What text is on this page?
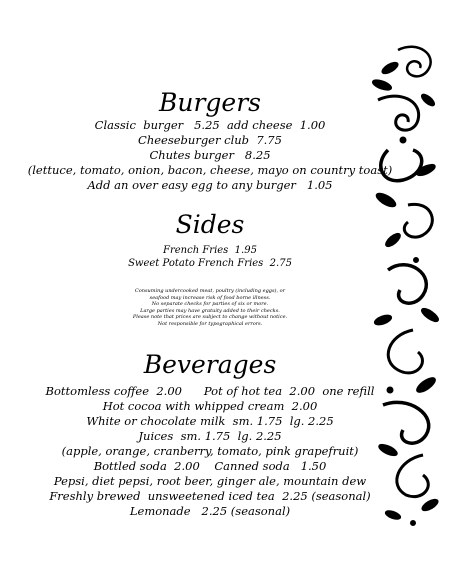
Burgers
Classic  burger   5.25  add cheese  1.00
Cheeseburger club  7.75
Chutes burger   8.25
(lettuce, tomato, onion, bacon, cheese, mayo on country toast)
Add an over easy egg to any burger   1.05
Sides
French Fries  1.95
Sweet Potato French Fries  2.75
Consuming undercooked meat, poultry (including eggs), or
seafood may increase risk of food borne illness.
No separate checks for parties of six or more.
Large parties may have gratuity added to their checks.
Please note that prices are subject to change without notice.
Not responsible for typographical errors.
Beverages
Bottomless coffee  2.00      Pot of hot tea  2.00  one refill
Hot cocoa with whipped cream  2.00
White or chocolate milk  sm. 1.75  lg. 2.25
Juices  sm. 1.75  lg. 2.25
(apple, orange, cranberry, tomato, pink grapefruit)
Bottled soda  2.00    Canned soda   1.50
Pepsi, diet pepsi, root beer, ginger ale, mountain dew
Freshly brewed  unsweetened iced tea  2.25 (seasonal)
Lemonade   2.25 (seasonal)
